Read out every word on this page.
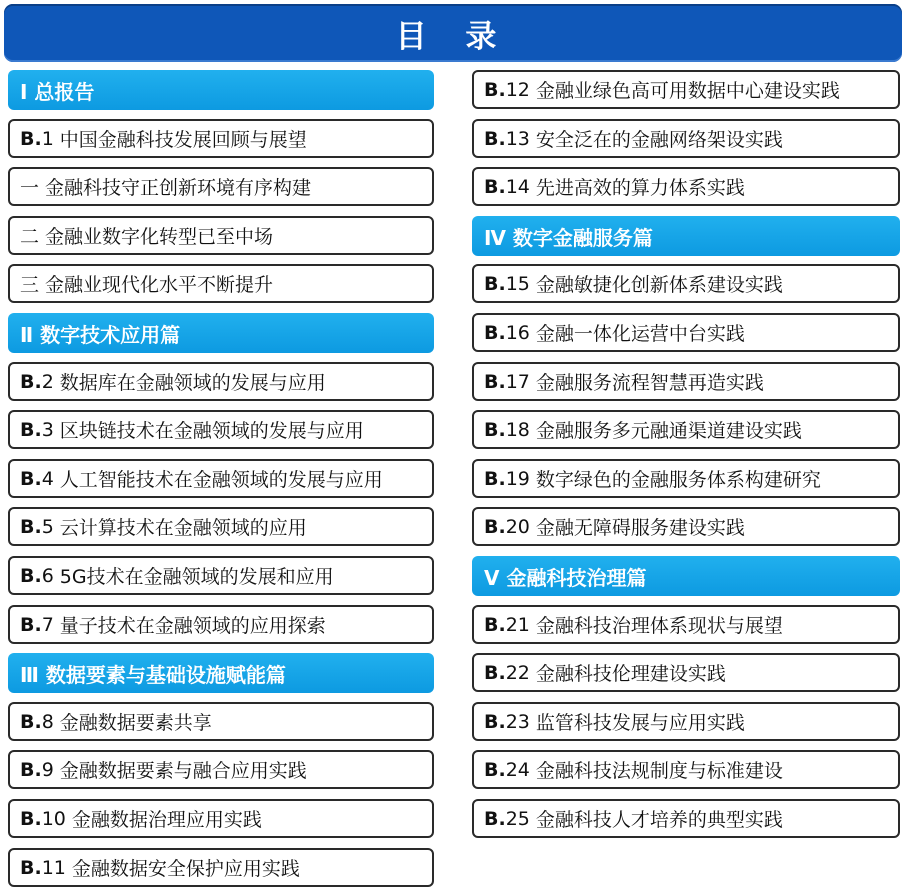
目 录
Ⅰ 总报告
B. 1 中国金融科技发展回顾与展望
一 金融科技守正创新环境有序构建
二 金融业数字化转型已至中场
三 金融业现代化水平不断提升
Ⅱ 数字技术应用篇
B. 2 数据库在金融领域的发展与应用
B. 3 区块链技术在金融领域的发展与应用
B. 4 人工智能技术在金融领域的发展与应用
B. 5 云计算技术在金融领域的应用
B. 6 5G技术在金融领域的发展和应用
B. 7 量子技术在金融领域的应用探索
Ⅲ 数据要素与基础设施赋能篇
B. 8 金融数据要素共享
B. 9 金融数据要素与融合应用实践
B. 10 金融数据治理应用实践
B. 11 金融数据安全保护应用实践
B. 12 金融业绿色高可用数据中心建设实践
B. 13 安全泛在的金融网络架设实践
B. 14 先进高效的算力体系实践
Ⅳ 数字金融服务篇
B. 15 金融敏捷化创新体系建设实践
B. 16 金融一体化运营中台实践
B. 17 金融服务流程智慧再造实践
B. 18 金融服务多元融通渠道建设实践
B. 19 数字绿色的金融服务体系构建研究
B. 20 金融无障碍服务建设实践
Ⅴ 金融科技治理篇
B. 21 金融科技治理体系现状与展望
B. 22 金融科技伦理建设实践
B. 23 监管科技发展与应用实践
B. 24 金融科技法规制度与标准建设
B. 25 金融科技人才培养的典型实践
